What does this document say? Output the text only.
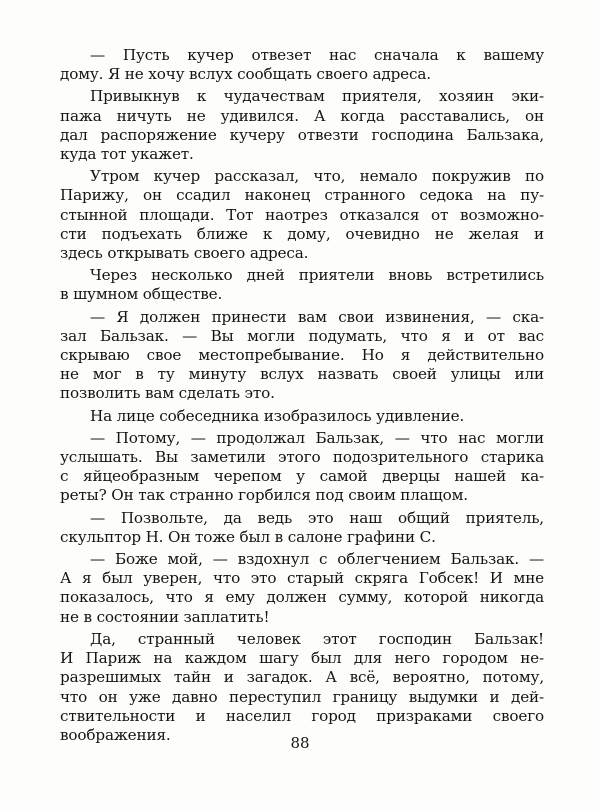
— Пусть кучер отвезет нас сначала к вашему
дому. Я не хочу вслух сообщать своего адреса.
Привыкнув к чудачествам приятеля, хозяин эки-
пажа ничуть не удивился. А когда расставались, он
дал распоряжение кучеру отвезти господина Бальзака,
куда тот укажет.
Утром кучер рассказал, что, немало покружив по
Парижу, он ссадил наконец странного седока на пу-
стынной площади. Тот наотрез отказался от возможно-
сти подъехать ближе к дому, очевидно не желая и
здесь открывать своего адреса.
Через несколько дней приятели вновь встретились
в шумном обществе.
— Я должен принести вам свои извинения, — ска-
зал Бальзак. — Вы могли подумать, что я и от вас
скрываю свое местопребывание. Но я действительно
не мог в ту минуту вслух назвать своей улицы или
позволить вам сделать это.
На лице собеседника изобразилось удивление.
— Потому, — продолжал Бальзак, — что нас могли
услышать. Вы заметили этого подозрительного старика
с яйцеобразным черепом у самой дверцы нашей ка-
реты? Он так странно горбился под своим плащом.
— Позвольте, да ведь это наш общий приятель,
скульптор Н. Он тоже был в салоне графини С.
— Боже мой, — вздохнул с облегчением Бальзак. —
А я был уверен, что это старый скряга Гобсек! И мне
показалось, что я ему должен сумму, которой никогда
не в состоянии заплатить!
Да, странный человек этот господин Бальзак!
И Париж на каждом шагу был для него городом не-
разрешимых тайн и загадок. А всё, вероятно, потому,
что он уже давно переступил границу выдумки и дей-
ствительности и населил город призраками своего
воображения.	88
